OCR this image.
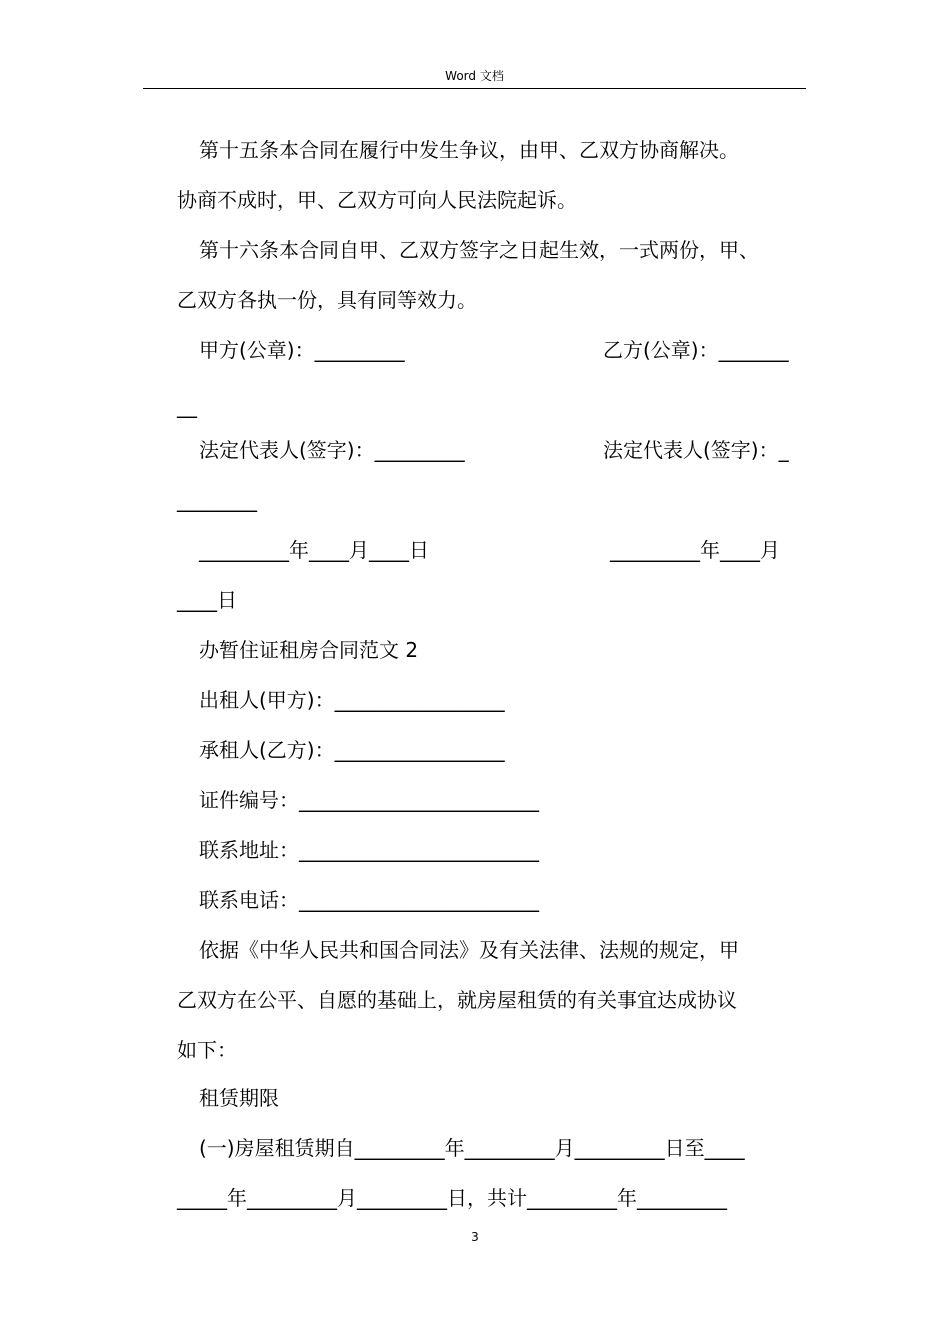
Word 文档
第十五条本合同在履行中发生争议，由甲、乙双方协商解决。
协商不成时，甲、乙双方可向人民法院起诉。
第十六条本合同自甲、乙双方签字之日起生效，一式两份，甲、
乙双方各执一份，具有同等效力。
甲方(公章)：_________	乙方(公章)：_______
__
法定代表人(签字)：_________	法定代表人(签字)：_
________
_________年____月____日	_________年____月
____日
办暂住证租房合同范文 2
出租人(甲方)：_________________
承租人(乙方)：_________________
证件编号：________________________
联系地址：________________________
联系电话：________________________
依据《中华人民共和国合同法》及有关法律、法规的规定，甲
乙双方在公平、自愿的基础上，就房屋租赁的有关事宜达成协议
如下：
租赁期限
(一)房屋租赁期自_________年_________月_________日至____
_____年_________月_________日，共计_________年_________
3
